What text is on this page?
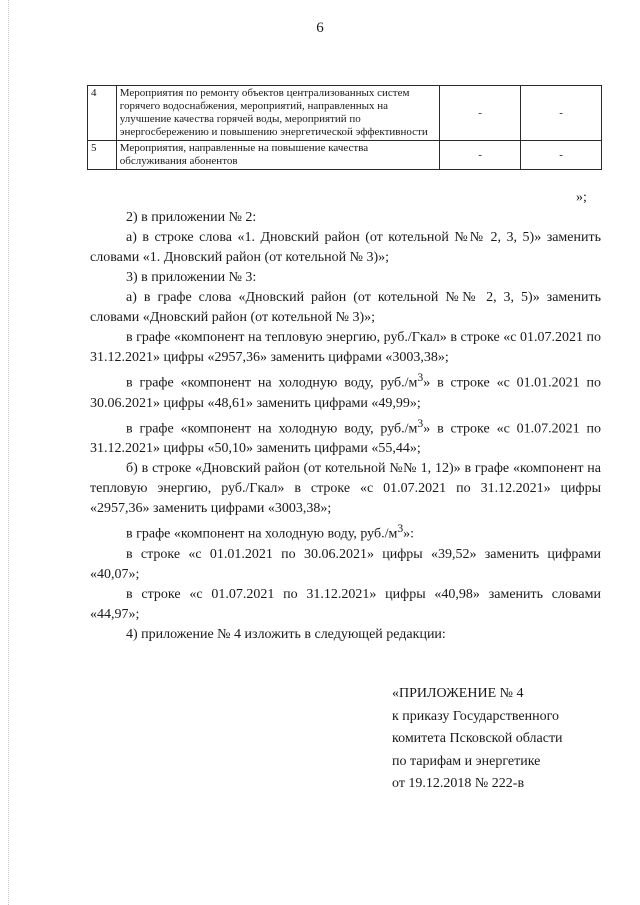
6
4	Мероприятия по ремонту объектов централизованных систем горячего водоснабжения, мероприятий, направленных на улучшение качества горячей воды, мероприятий по энергосбережению и повышению энергетической эффективности	-	-
5	Мероприятия, направленные на повышение качества обслуживания абонентов	-	-
»;

2) в приложении № 2:

а) в строке слова «1. Дновский район (от котельной №№ 2, 3, 5)» заменить словами «1. Дновский район (от котельной № 3)»;

3) в приложении № 3:

а) в графе слова «Дновский район (от котельной №№ 2, 3, 5)» заменить словами «Дновский район (от котельной № 3)»;

в графе «компонент на тепловую энергию, руб./Гкал» в строке «с 01.07.2021 по 31.12.2021» цифры «2957,36» заменить цифрами «3003,38»;

в графе «компонент на холодную воду, $руб./м^3$» в строке «с 01.01.2021 по 30.06.2021» цифры «48,61» заменить цифрами «49,99»;

в графе «компонент на холодную воду, $руб./м^3$» в строке «с 01.07.2021 по 31.12.2021» цифры «50,10» заменить цифрами «55,44»;

б) в строке «Дновский район (от котельной №№ 1, 12)» в графе «компонент на тепловую энергию, руб./Гкал» в строке «с 01.07.2021 по 31.12.2021» цифры «2957,36» заменить цифрами «3003,38»;

в графе «компонент на холодную воду, $руб./м^3$»:

в строке «с 01.01.2021 по 30.06.2021» цифры «39,52» заменить цифрами «40,07»;

в строке «с 01.07.2021 по 31.12.2021» цифры «40,98» заменить словами «44,97»;

4) приложение № 4 изложить в следующей редакции:

«ПРИЛОЖЕНИЕ № 4
к приказу Государственного
комитета Псковской области
по тарифам и энергетике
от 19.12.2018 № 222-в
